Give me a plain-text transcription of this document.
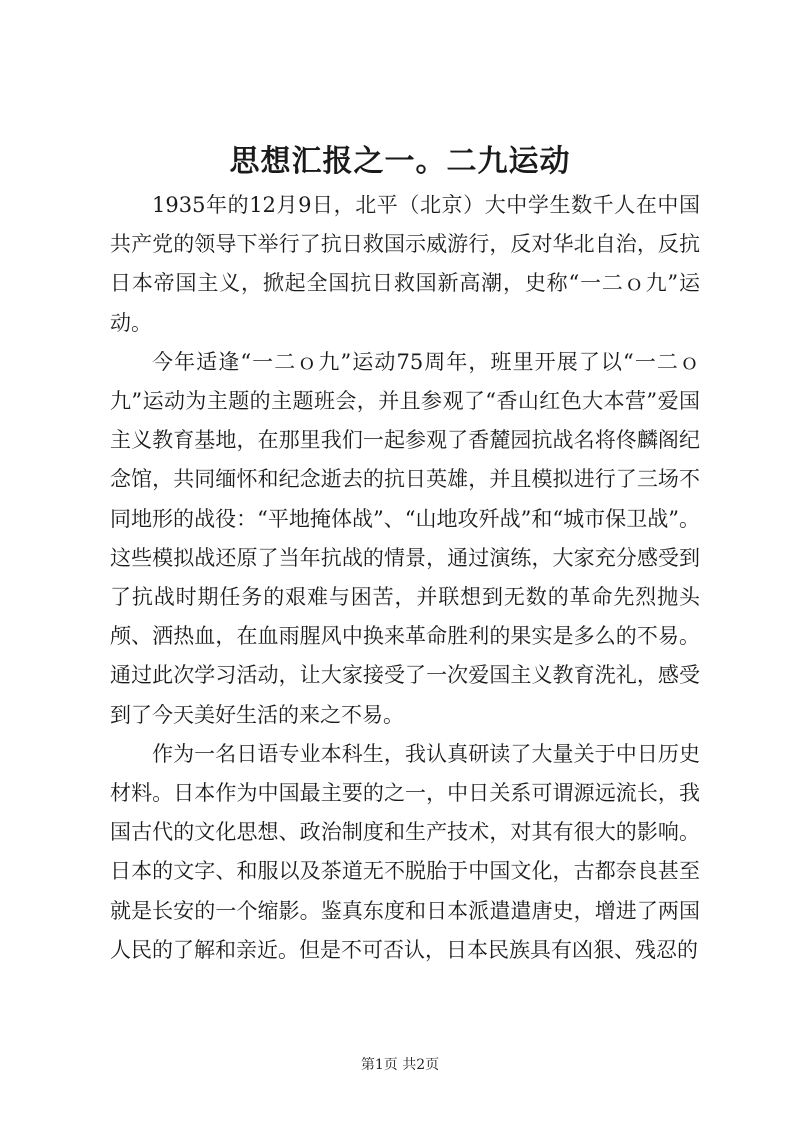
思想汇报之一。二九运动

1935年的12月9日，北平（北京）大中学生数千人在中国共产党的领导下举行了抗日救国示威游行，反对华北自治，反抗日本帝国主义，掀起全国抗日救国新高潮，史称“一二ｏ九”运动。

今年适逢“一二ｏ九”运动75周年，班里开展了以“一二ｏ九”运动为主题的主题班会，并且参观了“香山红色大本营”爱国主义教育基地，在那里我们一起参观了香麓园抗战名将佟麟阁纪念馆，共同缅怀和纪念逝去的抗日英雄，并且模拟进行了三场不同地形的战役：“平地掩体战”、“山地攻歼战”和“城市保卫战”。这些模拟战还原了当年抗战的情景，通过演练，大家充分感受到了抗战时期任务的艰难与困苦，并联想到无数的革命先烈抛头颅、洒热血，在血雨腥风中换来革命胜利的果实是多么的不易。通过此次学习活动，让大家接受了一次爱国主义教育洗礼，感受到了今天美好生活的来之不易。

作为一名日语专业本科生，我认真研读了大量关于中日历史材料。日本作为中国最主要的之一，中日关系可谓源远流长，我国古代的文化思想、政治制度和生产技术，对其有很大的影响。日本的文字、和服以及茶道无不脱胎于中国文化，古都奈良甚至就是长安的一个缩影。鉴真东度和日本派遣遣唐史，增进了两国人民的了解和亲近。但是不可否认，日本民族具有凶狠、残忍的

第1页 共2页
